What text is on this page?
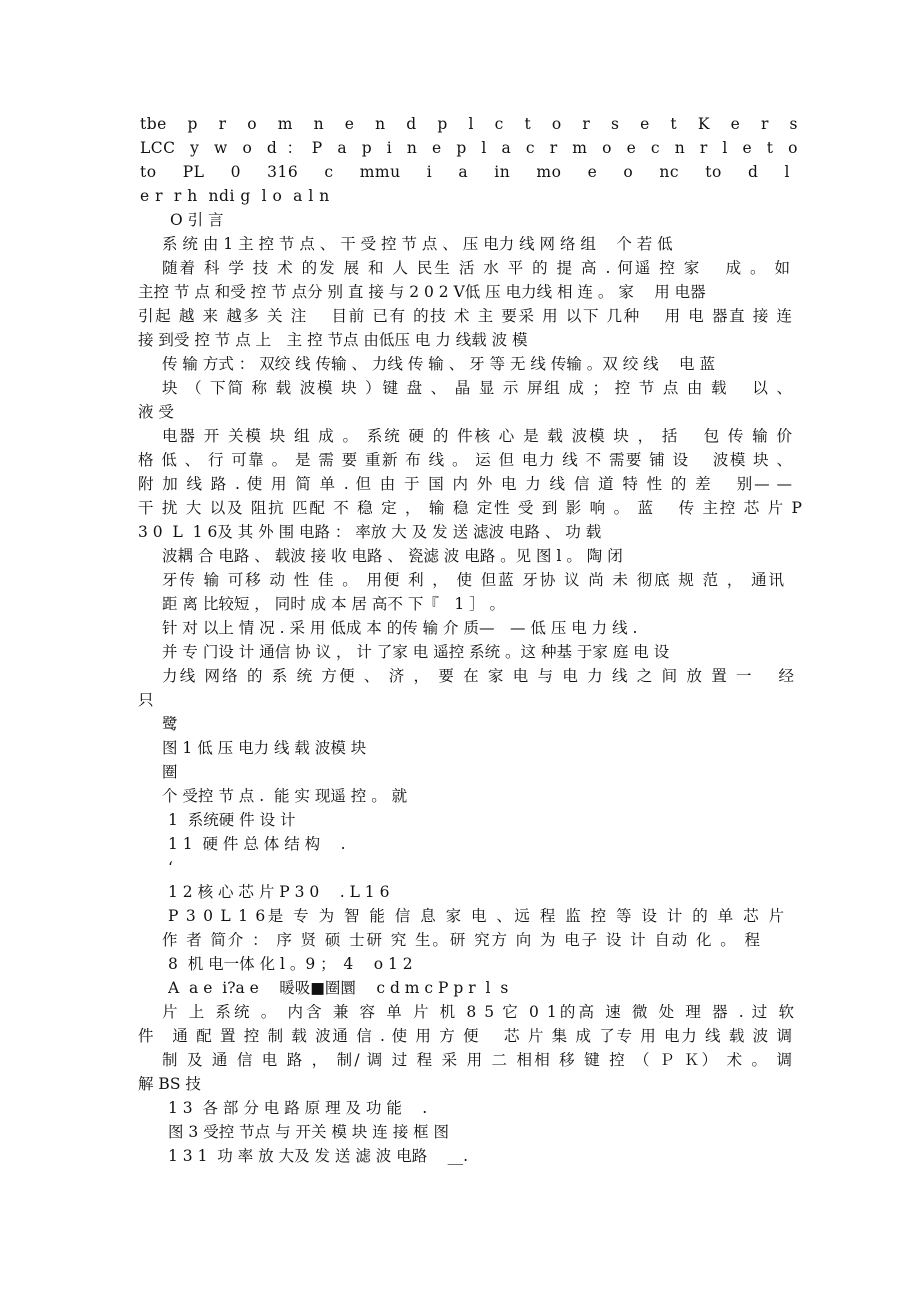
tbe p r o m n e n d p l c t o r s e t K e r s
LCC y w o d：P a p i n e p l a c r m o e c n r l e t o
to PL 0 316 c mmu i a in mo e o nc to d l
e r  r h  ndi g  l o  a l n
O 引 言
系 统 由 1 主 控 节 点 、 干 受 控 节 点 、 压 电力 线 网 络 组　 个 若 低
随着 科 学 技 术 的发 展 和 人 民生 活 水 平 的 提 高 . 何遥 控 家　 成 。 如
主控 节 点 和受 控 节 点分 别 直 接 与 2 0 2 V低 压 电力线 相 连 。 家　 用 电器
引起 越 来 越多 关 注　 目前 已有 的技 术 主 要采 用 以下 几种　 用 电 器直 接 连
接 到受 控 节 点 上　主 控 节点 由低压 电 力 线载 波 模
传 输 方式 ： 双绞 线 传输 、 力线 传 输 、 牙 等 无 线 传输 。双 绞 线　 电 蓝
块 （ 下简 称 载 波模 块 ）键 盘 、 晶 显 示 屏组 成 ； 控 节 点 由 载　 以 、
液 受
电器 开 关模 块 组 成 。 系统 硬 的 件核 心 是 载 波模 块 ， 括　 包 传 输 价
格 低 、 行 可靠 。 是 需 要 重新 布 线 。 运 但 电力 线 不 需要 铺 设　 波模 块 、
附 加 线 路 . 使 用 简 单 . 但 由 于 国 内 外 电 力 线 信 道 特 性 的 差　 别— —
干 扰 大 以及 阻抗 匹配 不 稳 定 ， 输 稳 定性 受 到 影 响 。 蓝　 传 主控 芯 片 P
3 0  L  1 6及 其 外 围 电路 ： 率放 大 及 发 送 滤波 电路 、 功 载
波耦 合 电路 、 载波 接 收 电路 、 瓷滤 波 电路 。见 图 l 。 陶 闭
牙传 输 可移 动 性 佳 。 用便 利 ， 使 但蓝 牙协 议 尚 未 彻底 规 范 ， 通讯
距 离 比较短 ， 同时 成 本 居 高不 下『　1 ］ 。
针 对 以上 情 况 . 采 用 低成 本 的传 输 介 质—　— 低 压 电 力 线 .
并 专 门设 计 通信 协 议 ， 计 了家 电 遥控 系统 。这 种基 于家 庭 电 设
力线 网络 的 系 统 方便 、 济 ， 要 在 家 电 与 电 力 线 之 间 放 置 一　 经
只
鹭
图 1 低 压 电力 线 载 波模 块
圈
个 受控 节 点 .  能 实 现遥 控 。 就
1  系统硬 件 设 计
1 1  硬 件 总 体 结 构　 .
‘
1 2 核 心 芯 片 P 3 0　 . L 1 6
P 3 0 L 1 6是 专 为 智 能 信 息 家 电 、远 程 监 控 等 设 计 的 单 芯 片
作 者 简介 ： 序 贤 硕 士研 究 生。研 究方 向 为 电子 设 计 自动 化 。 程
8  机 电一体 化 l 。9 ；　4　 o 1 2
A  a e  i?a e　 暖吸■圈圜　 c d m c P p r  l  s
片 上 系统 。 内含 兼 容 单 片 机 8 5 它 0 1的高 速 微 处 理 器 . 过 软
件　通 配 置 控 制 载 波通 信 . 使 用 方 便　 芯 片 集 成 了专 用 电力 线 载 波 调
制 及 通 信 电 路 ， 制/ 调 过 程 采 用 二 相相 移 键 控 （ Ｐ Ｋ） 术 。 调
解 BS 技
1 3  各 部 分 电 路 原 理 及 功 能　 .
图 3 受控 节点 与 开关 模 块 连 接 框 图
1 3 1  功 率 放 大及 发 送 滤 波 电路　 __.
